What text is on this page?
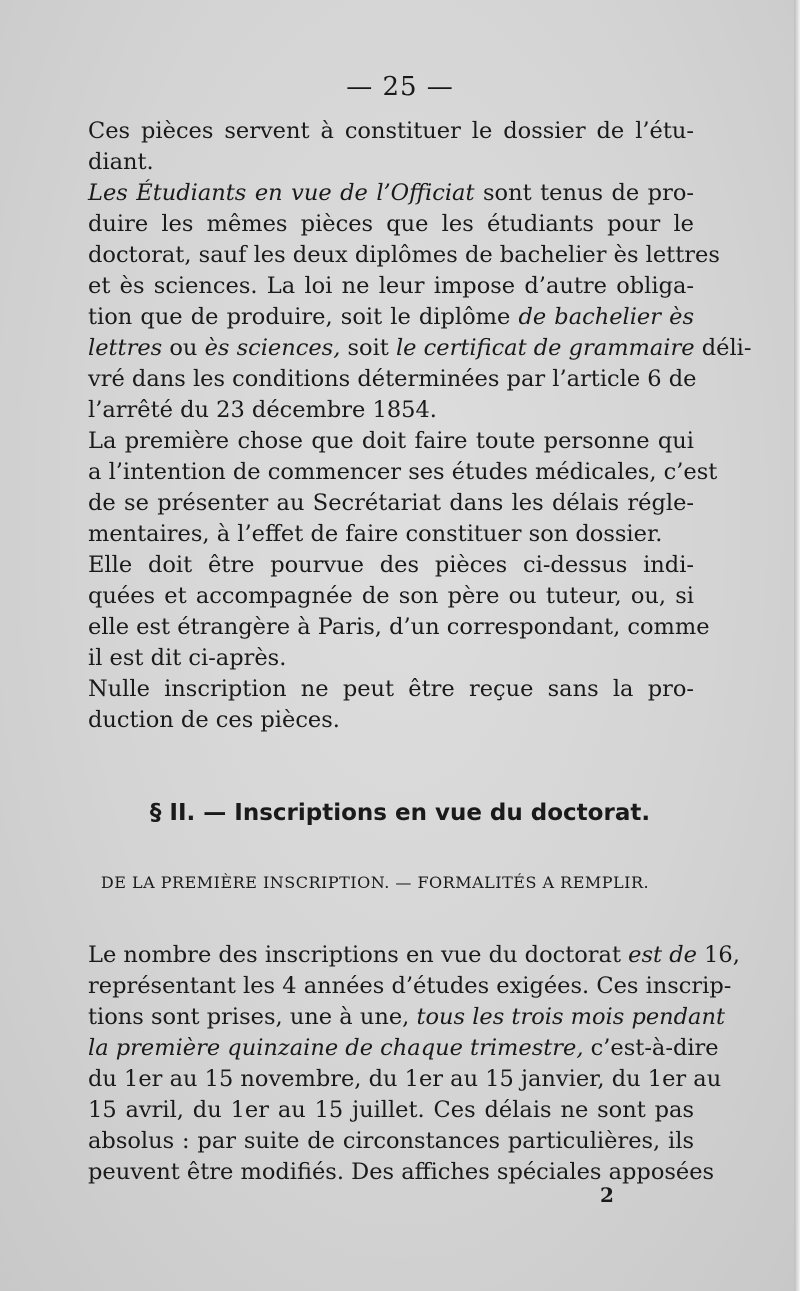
— 25 —

Ces pièces servent à constituer le dossier de l’étu-
diant.

Les Étudiants en vue de l’Officiat sont tenus de pro-
duire les mêmes pièces que les étudiants pour le
doctorat, sauf les deux diplômes de bachelier ès lettres
et ès sciences. La loi ne leur impose d’autre obliga-
tion que de produire, soit le diplôme de bachelier ès
lettres ou ès sciences, soit le certificat de grammaire déli-
vré dans les conditions déterminées par l’article 6 de
l’arrêté du 23 décembre 1854.

La première chose que doit faire toute personne qui
a l’intention de commencer ses études médicales, c’est
de se présenter au Secrétariat dans les délais régle-
mentaires, à l’effet de faire constituer son dossier.

Elle doit être pourvue des pièces ci-dessus indi-
quées et accompagnée de son père ou tuteur, ou, si
elle est étrangère à Paris, d’un correspondant, comme
il est dit ci-après.

Nulle inscription ne peut être reçue sans la pro-
duction de ces pièces.

§ II. — Inscriptions en vue du doctorat.
DE LA PREMIÈRE INSCRIPTION. — FORMALITÉS A REMPLIR.

Le nombre des inscriptions en vue du doctorat est de 16,
représentant les 4 années d’études exigées. Ces inscrip-
tions sont prises, une à une, tous les trois mois pendant
la première quinzaine de chaque trimestre, c’est-à-dire
du 1er au 15 novembre, du 1er au 15 janvier, du 1er au
15 avril, du 1er au 15 juillet. Ces délais ne sont pas
absolus : par suite de circonstances particulières, ils
peuvent être modifiés. Des affiches spéciales apposées

2
